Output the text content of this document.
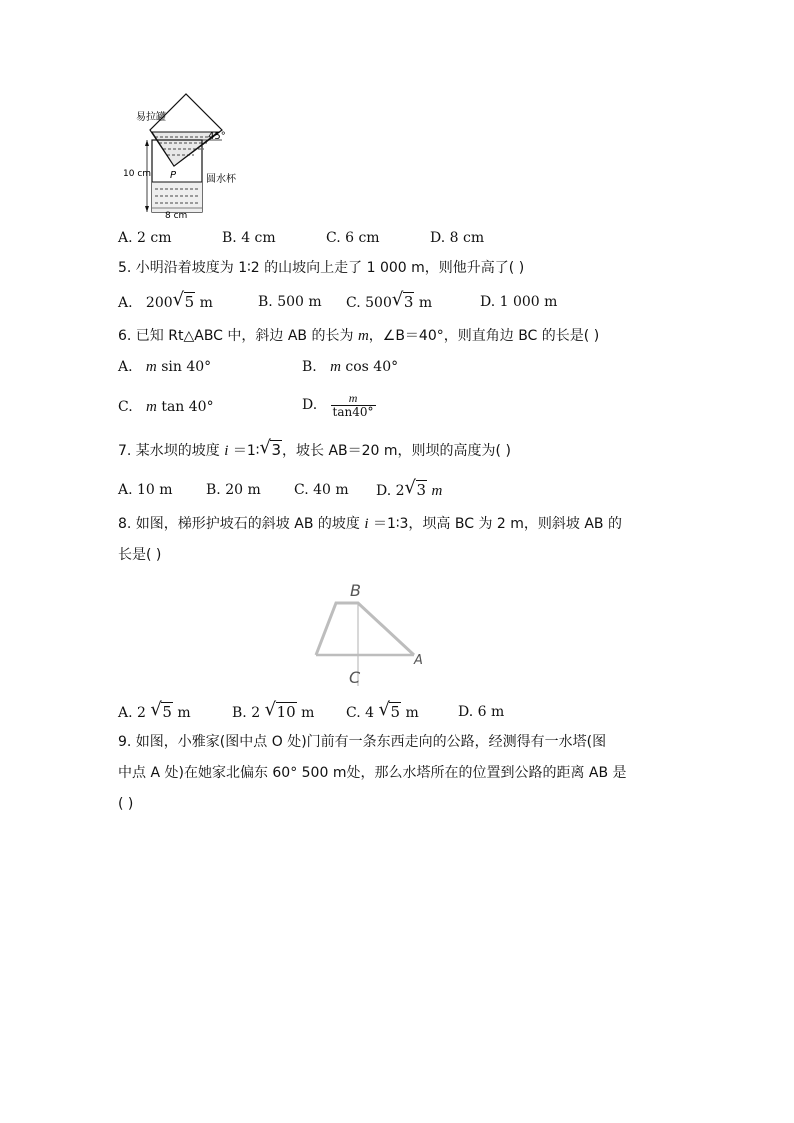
易拉罐
45°
P	圆水杯
10 cm
8 cm
A. 2 cm	B. 4 cm	C. 6 cm	D. 8 cm
5. 小明沿着坡度为 1∶2 的山坡向上走了 1 000 m，则他升高了( )
A. 200 √ 5 m	B. 500 m C. 500 √ 3 m	D. 1 000 m
6. 已知 Rt△ABC 中，斜边 AB 的长为 m，∠B＝40°，则直角边 BC 的长是( )
A. m sin 40°	B. m cos 40°
C. m tan 40°	D. $\frac{m}{\tan 40^\circ}$
7. 某水坝的坡度 i ＝1∶ √ 3，坡长 AB＝20 m，则坝的高度为( )
A. 10 m B. 20 m C. 40 m D. 2 √ 3 m
8. 如图，梯形护坡石的斜坡 AB 的坡度 i ＝1∶3，坝高 BC 为 2 m，则斜坡 AB 的
长是( )
B
C
A
A. 2 √ 5 m	B. 2 √ 10 m C. 4 √ 5 m	D. 6 m
9. 如图，小雅家(图中点 O 处)门前有一条东西走向的公路，经测得有一水塔(图
中点 A 处)在她家北偏东 60° 500 m处，那么水塔所在的位置到公路的距离 AB 是
( )
